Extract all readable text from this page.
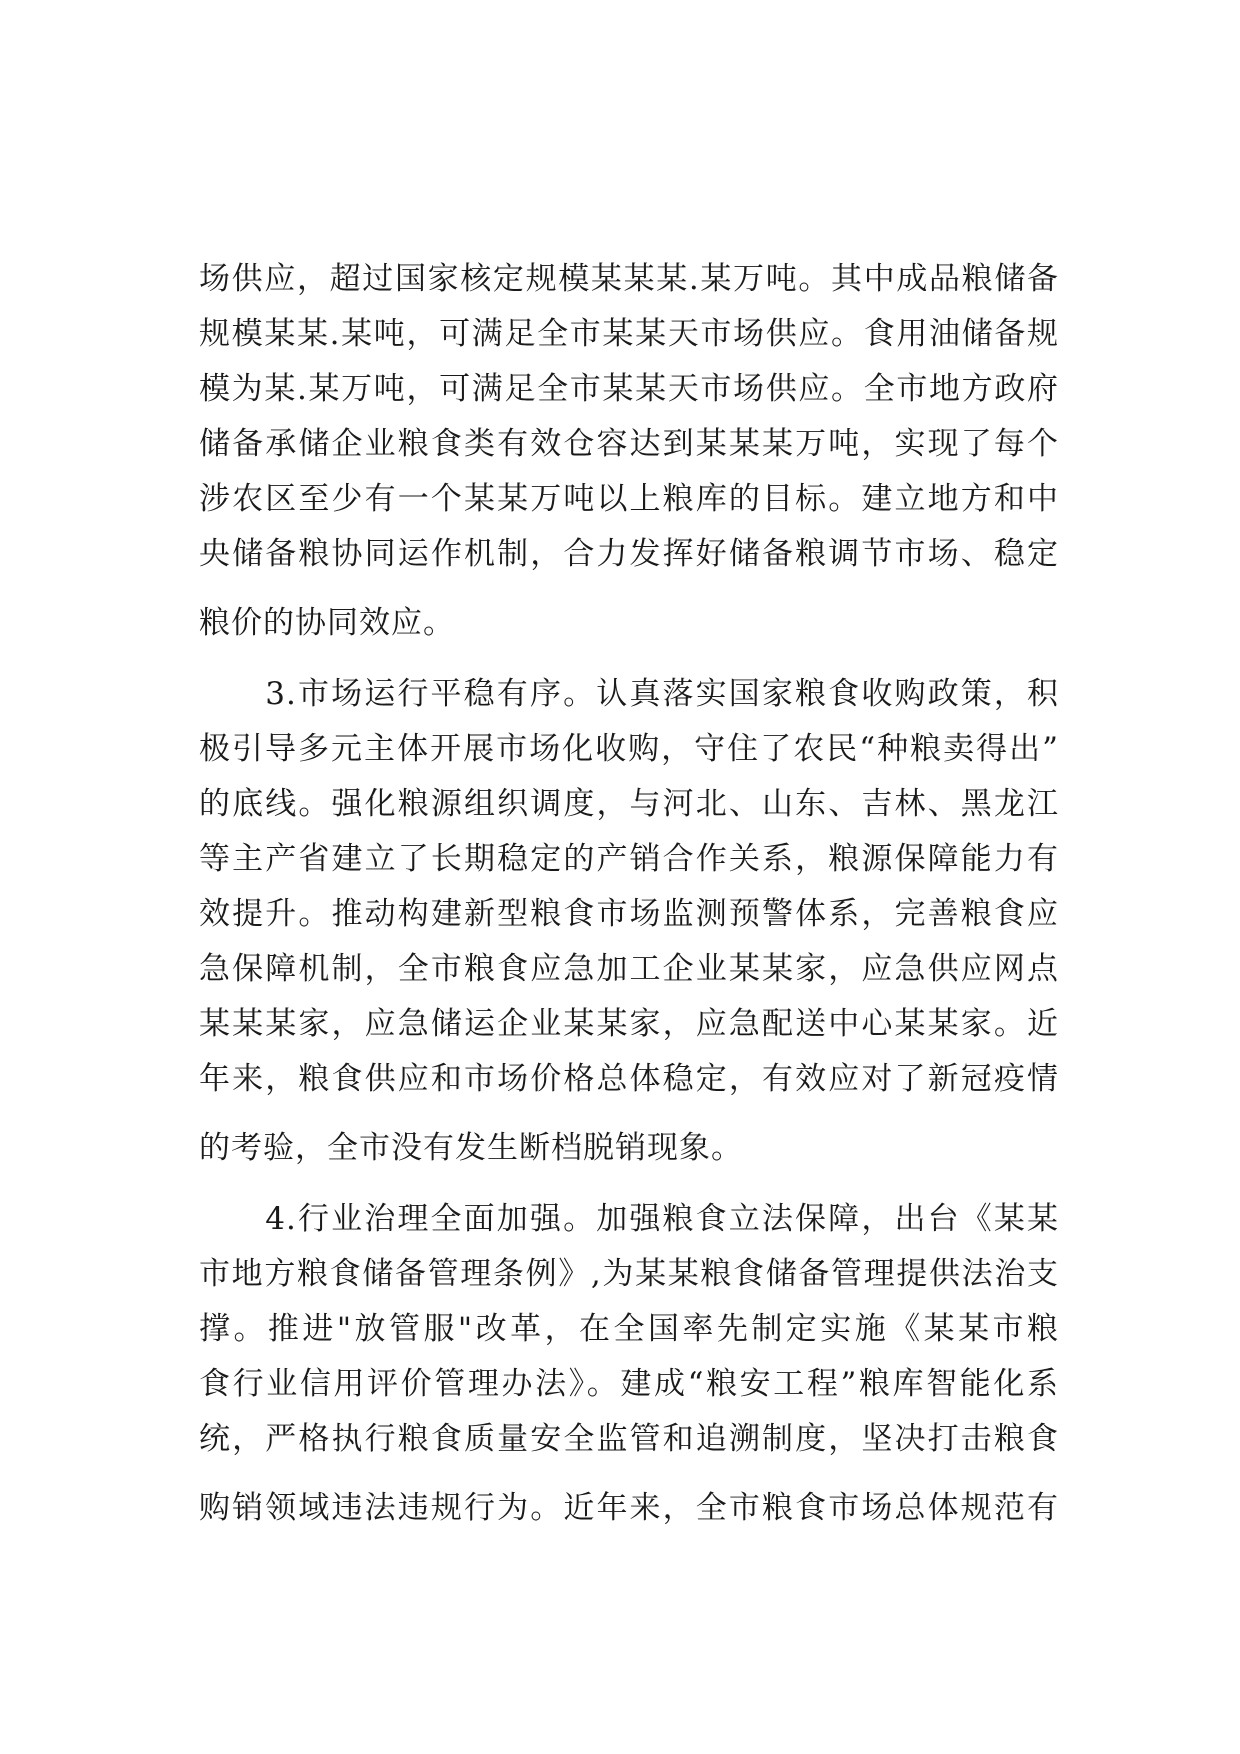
场供应，超过国家核定规模某某某.某万吨。其中成品粮储备
规模某某.某吨，可满足全市某某天市场供应。食用油储备规
模为某.某万吨，可满足全市某某天市场供应。全市地方政府
储备承储企业粮食类有效仓容达到某某某万吨，实现了每个
涉农区至少有一个某某万吨以上粮库的目标。建立地方和中
央储备粮协同运作机制，合力发挥好储备粮调节市场、稳定
粮价的协同效应。
　　3.市场运行平稳有序。认真落实国家粮食收购政策，积
极引导多元主体开展市场化收购，守住了农民“种粮卖得出”
的底线。强化粮源组织调度，与河北、山东、吉林、黑龙江
等主产省建立了长期稳定的产销合作关系，粮源保障能力有
效提升。推动构建新型粮食市场监测预警体系，完善粮食应
急保障机制，全市粮食应急加工企业某某家，应急供应网点
某某某家，应急储运企业某某家，应急配送中心某某家。近
年来，粮食供应和市场价格总体稳定，有效应对了新冠疫情
的考验，全市没有发生断档脱销现象。
　　4.行业治理全面加强。加强粮食立法保障，出台《某某
市地方粮食储备管理条例》,为某某粮食储备管理提供法治支
撑。推进"放管服"改革，在全国率先制定实施《某某市粮
食行业信用评价管理办法》。建成“粮安工程”粮库智能化系
统，严格执行粮食质量安全监管和追溯制度，坚决打击粮食
购销领域违法违规行为。近年来，全市粮食市场总体规范有
